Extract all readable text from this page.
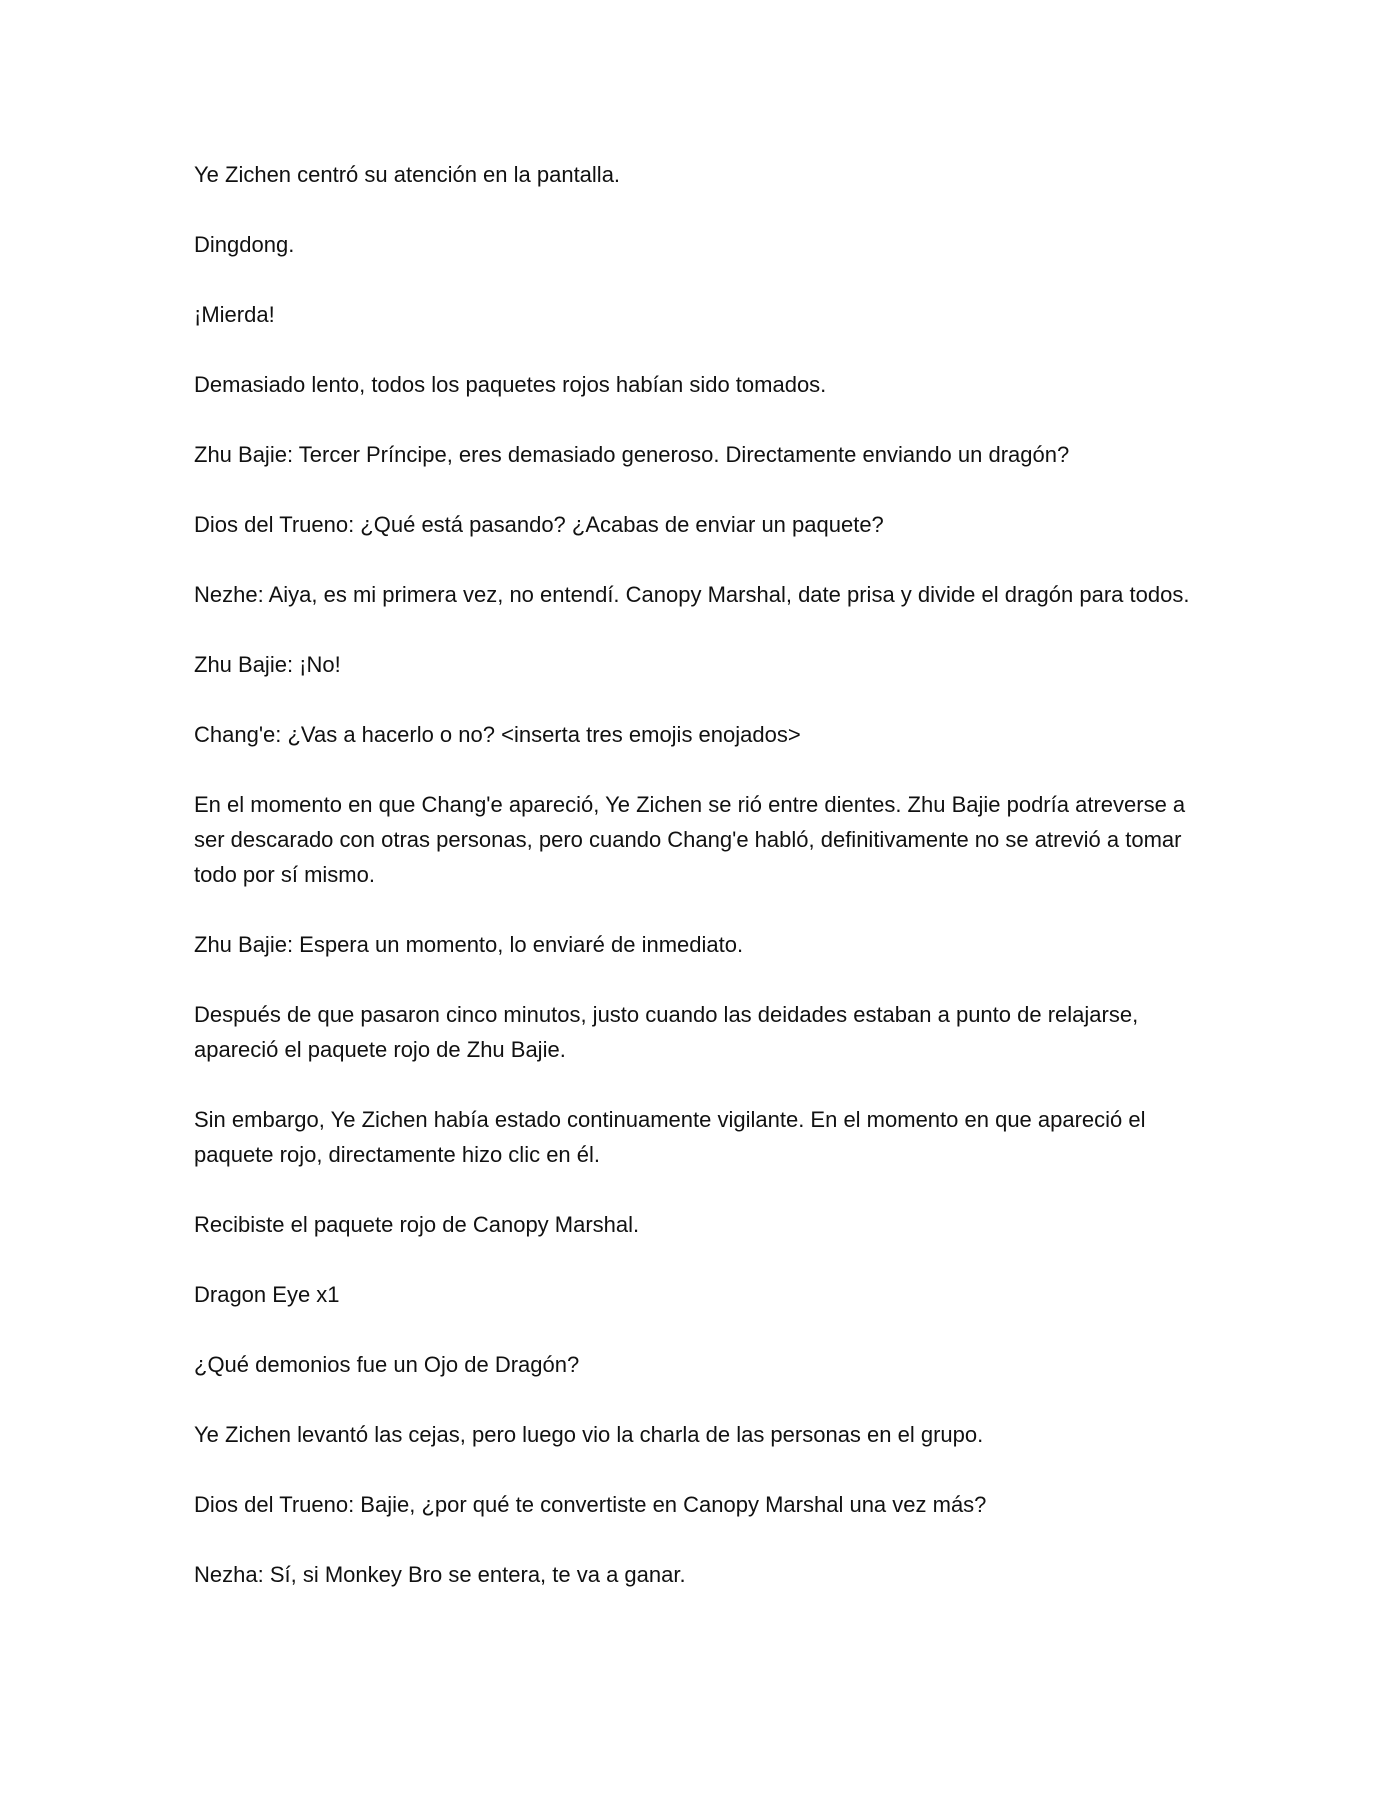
Ye Zichen centró su atención en la pantalla.

Dingdong.

¡Mierda!

Demasiado lento, todos los paquetes rojos habían sido tomados.

Zhu Bajie: Tercer Príncipe, eres demasiado generoso. Directamente enviando un dragón?

Dios del Trueno: ¿Qué está pasando? ¿Acabas de enviar un paquete?

Nezhe: Aiya, es mi primera vez, no entendí. Canopy Marshal, date prisa y divide el dragón para todos.

Zhu Bajie: ¡No!

Chang'e: ¿Vas a hacerlo o no? <inserta tres emojis enojados>

En el momento en que Chang'e apareció, Ye Zichen se rió entre dientes. Zhu Bajie podría atreverse a ser descarado con otras personas, pero cuando Chang'e habló, definitivamente no se atrevió a tomar todo por sí mismo.

Zhu Bajie: Espera un momento, lo enviaré de inmediato.

Después de que pasaron cinco minutos, justo cuando las deidades estaban a punto de relajarse, apareció el paquete rojo de Zhu Bajie.

Sin embargo, Ye Zichen había estado continuamente vigilante. En el momento en que apareció el paquete rojo, directamente hizo clic en él.

Recibiste el paquete rojo de Canopy Marshal.

Dragon Eye x1

¿Qué demonios fue un Ojo de Dragón?

Ye Zichen levantó las cejas, pero luego vio la charla de las personas en el grupo.

Dios del Trueno: Bajie, ¿por qué te convertiste en Canopy Marshal una vez más?

Nezha: Sí, si Monkey Bro se entera, te va a ganar.
